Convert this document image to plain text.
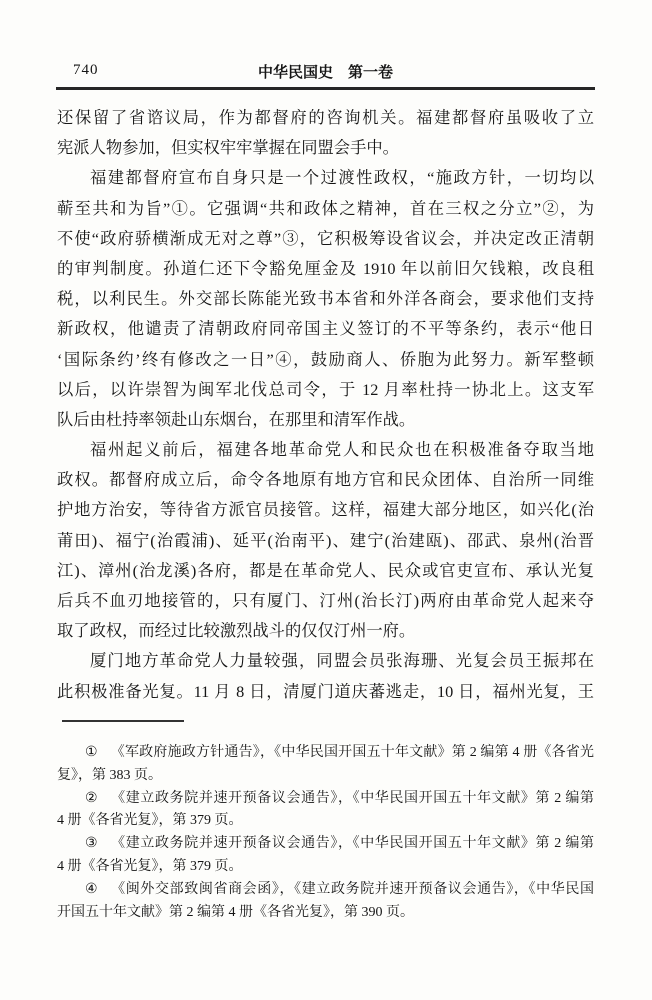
740	中华民国史　第一卷
还保留了省谘议局，作为都督府的咨询机关。福建都督府虽吸收了立
宪派人物参加，但实权牢牢掌握在同盟会手中。
福建都督府宣布自身只是一个过渡性政权，“施政方针，一切均以
蕲至共和为旨”①。它强调“共和政体之精神，首在三权之分立”②，为
不使“政府骄横渐成无对之尊”③，它积极筹设省议会，并决定改正清朝
的审判制度。孙道仁还下令豁免厘金及 1910 年以前旧欠钱粮，改良租
税，以利民生。外交部长陈能光致书本省和外洋各商会，要求他们支持
新政权，他谴责了清朝政府同帝国主义签订的不平等条约，表示“他日
‘国际条约’终有修改之一日”④，鼓励商人、侨胞为此努力。新军整顿
以后，以许崇智为闽军北伐总司令，于 12 月率杜持一协北上。这支军
队后由杜持率领赴山东烟台，在那里和清军作战。
福州起义前后，福建各地革命党人和民众也在积极准备夺取当地
政权。都督府成立后，命令各地原有地方官和民众团体、自治所一同维
护地方治安，等待省方派官员接管。这样，福建大部分地区，如兴化(治
莆田)、福宁(治霞浦)、延平(治南平)、建宁(治建瓯)、邵武、泉州(治晋
江)、漳州(治龙溪)各府，都是在革命党人、民众或官吏宣布、承认光复
后兵不血刃地接管的，只有厦门、汀州(治长汀)两府由革命党人起来夺
取了政权，而经过比较激烈战斗的仅仅汀州一府。
厦门地方革命党人力量较强，同盟会员张海珊、光复会员王振邦在
此积极准备光复。11 月 8 日，清厦门道庆蕃逃走，10 日，福州光复，王
① 《军政府施政方针通告》，《中华民国开国五十年文献》第 2 编第 4 册《各省光
复》，第 383 页。
② 《建立政务院并速开预备议会通告》，《中华民国开国五十年文献》第 2 编第
4 册《各省光复》，第 379 页。
③ 《建立政务院并速开预备议会通告》，《中华民国开国五十年文献》第 2 编第
4 册《各省光复》，第 379 页。
④ 《闽外交部致闽省商会函》，《建立政务院并速开预备议会通告》，《中华民国
开国五十年文献》第 2 编第 4 册《各省光复》，第 390 页。
